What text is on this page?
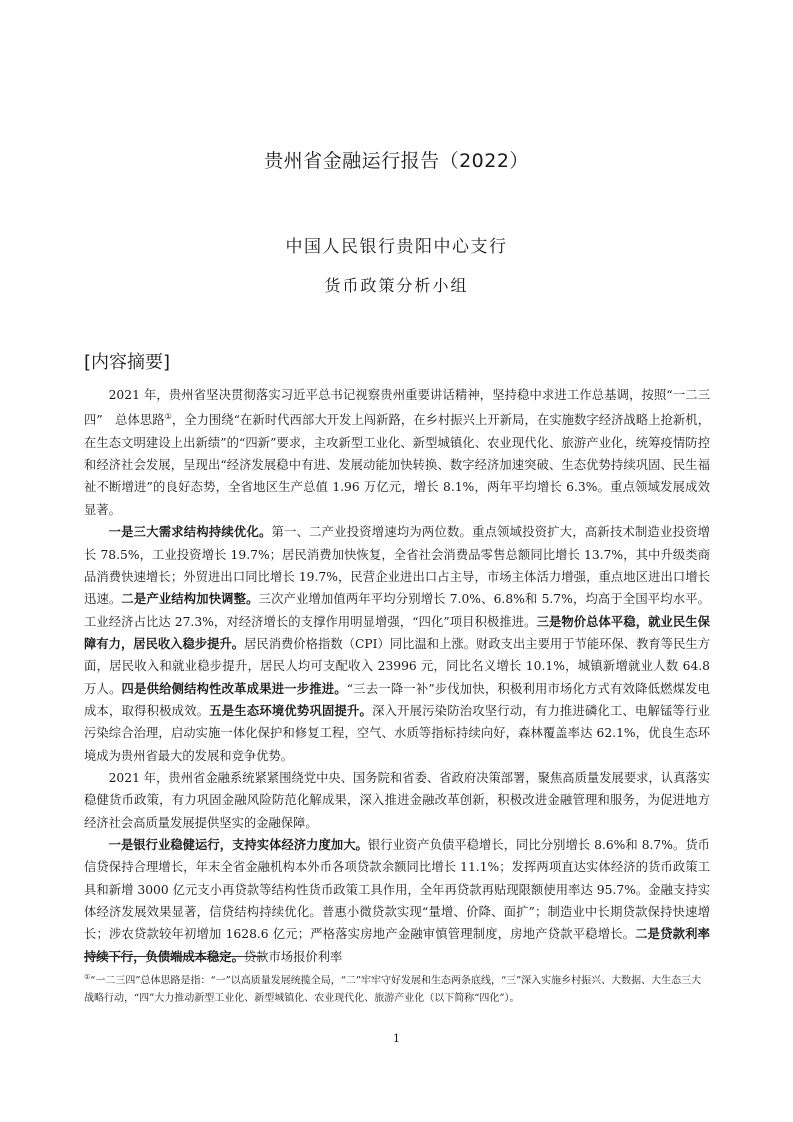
贵州省金融运行报告（2022）
中国人民银行贵阳中心支行
货币政策分析小组
[内容摘要]

2021 年，贵州省坚决贯彻落实习近平总书记视察贵州重要讲话精神，坚持稳中求进工作总基调，按照“一二三四”　总体思路①，全力围绕“在新时代西部大开发上闯新路，在乡村振兴上开新局，在实施数字经济战略上抢新机，在生态文明建设上出新绩”的“四新”要求，主攻新型工业化、新型城镇化、农业现代化、旅游产业化，统筹疫情防控和经济社会发展，呈现出“经济发展稳中有进、发展动能加快转换、数字经济加速突破、生态优势持续巩固、民生福祉不断增进”的良好态势，全省地区生产总值 1.96 万亿元，增长 8.1%，两年平均增长 6.3%。重点领域发展成效显著。

一是三大需求结构持续优化。第一、二产业投资增速均为两位数。重点领域投资扩大，高新技术制造业投资增长 78.5%，工业投资增长 19.7%；居民消费加快恢复，全省社会消费品零售总额同比增长 13.7%，其中升级类商品消费快速增长；外贸进出口同比增长 19.7%，民营企业进出口占主导，市场主体活力增强，重点地区进出口增长迅速。二是产业结构加快调整。三次产业增加值两年平均分别增长 7.0%、6.8%和 5.7%，均高于全国平均水平。工业经济占比达 27.3%，对经济增长的支撑作用明显增强，“四化”项目积极推进。三是物价总体平稳，就业民生保障有力，居民收入稳步提升。居民消费价格指数（CPI）同比温和上涨。财政支出主要用于节能环保、教育等民生方面，居民收入和就业稳步提升，居民人均可支配收入 23996 元，同比名义增长 10.1%，城镇新增就业人数 64.8 万人。四是供给侧结构性改革成果进一步推进。“三去一降一补”步伐加快，积极利用市场化方式有效降低燃煤发电成本，取得积极成效。五是生态环境优势巩固提升。深入开展污染防治攻坚行动，有力推进磷化工、电解锰等行业污染综合治理，启动实施一体化保护和修复工程，空气、水质等指标持续向好，森林覆盖率达 62.1%，优良生态环境成为贵州省最大的发展和竞争优势。

2021 年，贵州省金融系统紧紧围绕党中央、国务院和省委、省政府决策部署，聚焦高质量发展要求，认真落实稳健货币政策，有力巩固金融风险防范化解成果，深入推进金融改革创新，积极改进金融管理和服务，为促进地方经济社会高质量发展提供坚实的金融保障。

一是银行业稳健运行，支持实体经济力度加大。银行业资产负债平稳增长，同比分别增长 8.6%和 8.7%。货币信贷保持合理增长，年末全省金融机构本外币各项贷款余额同比增长 11.1%；发挥两项直达实体经济的货币政策工具和新增 3000 亿元支小再贷款等结构性货币政策工具作用，全年再贷款再贴现限额使用率达 95.7%。金融支持实体经济发展效果显著，信贷结构持续优化。普惠小微贷款实现“量增、价降、面扩”；制造业中长期贷款保持快速增长；涉农贷款较年初增加 1628.6 亿元；严格落实房地产金融审慎管理制度，房地产贷款平稳增长。二是贷款利率持续下行，负债端成本稳定。贷款市场报价利率

①“一二三四”总体思路是指：“一”以高质量发展统揽全局，“二”牢牢守好发展和生态两条底线，“三”深入实施乡村振兴、大数据、大生态三大战略行动，“四”大力推动新型工业化、新型城镇化、农业现代化、旅游产业化（以下简称“四化”）。
1
